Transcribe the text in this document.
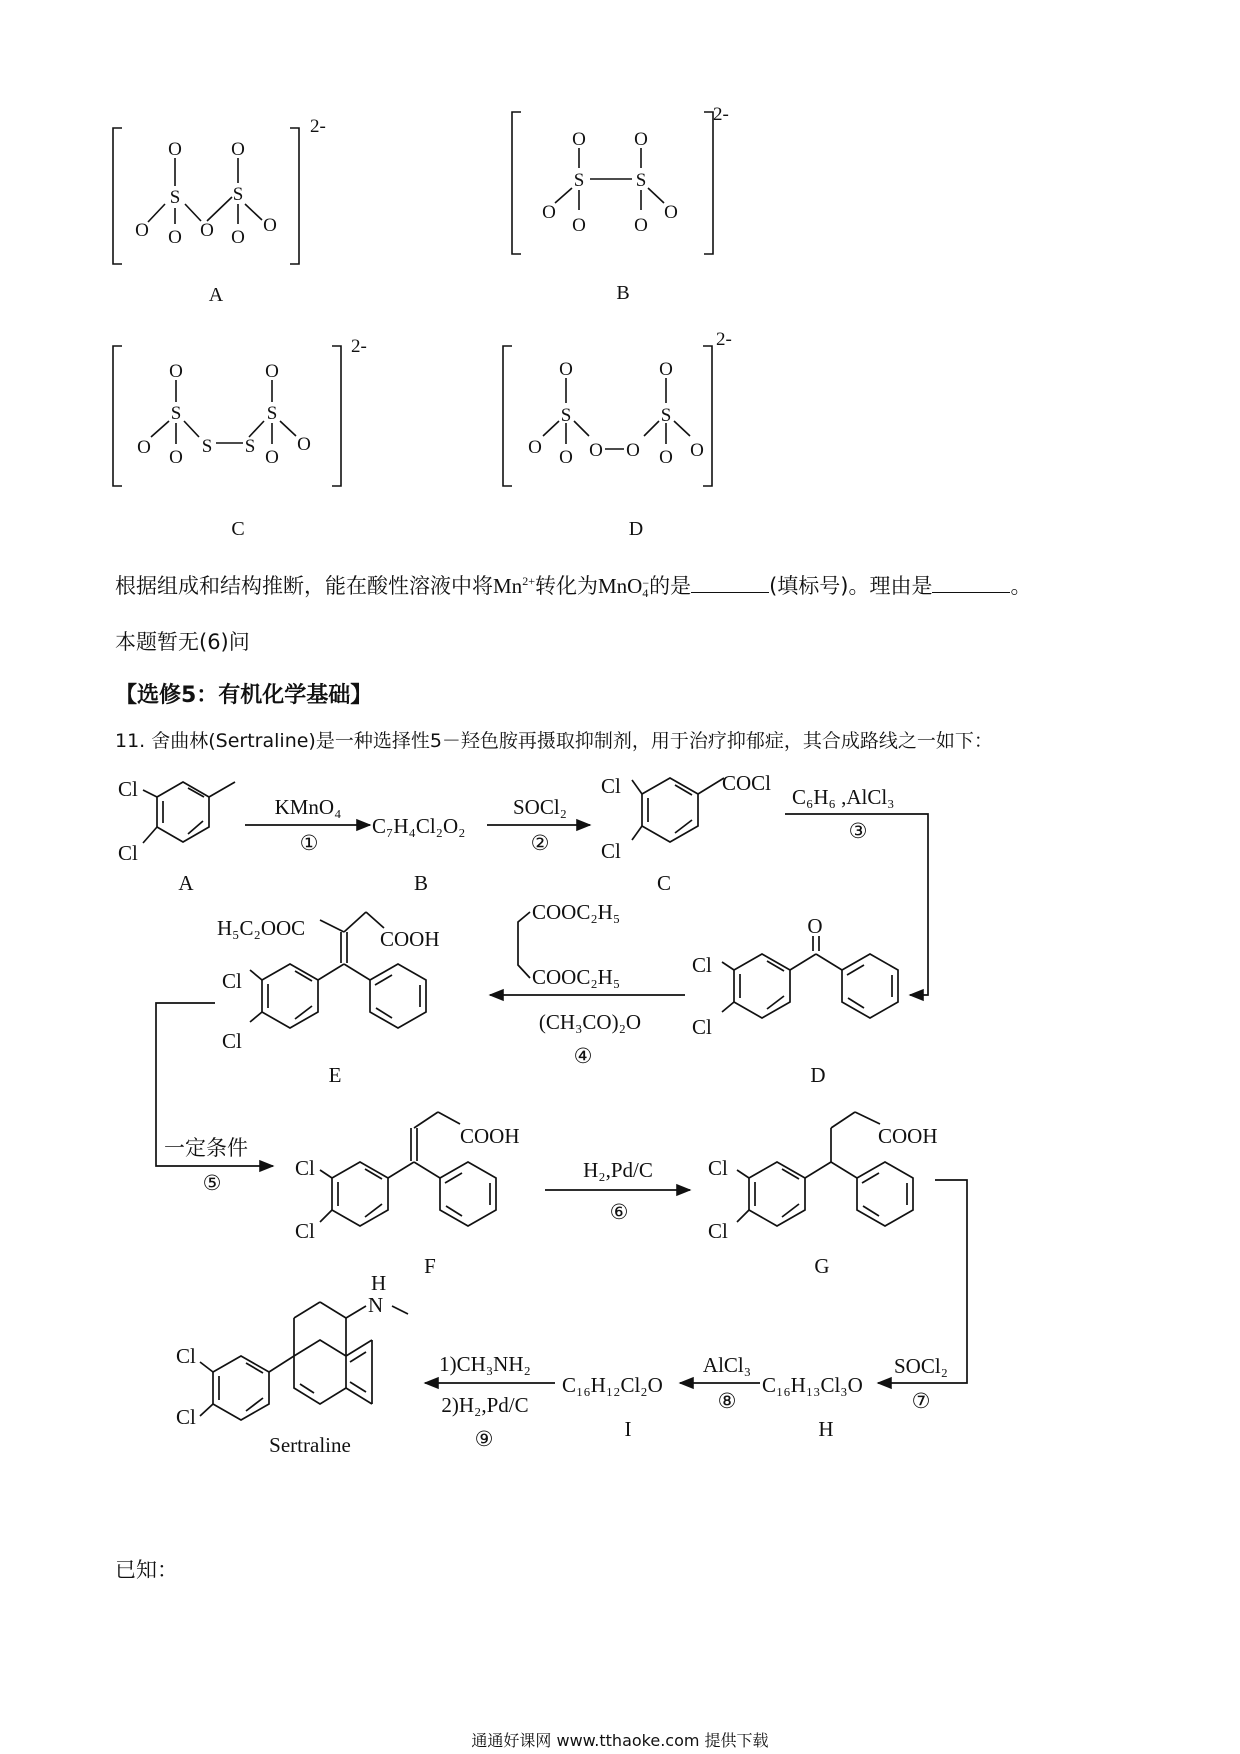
O
S
O O O
O
S
O
O
2-
A
O	O
S	S
O
O	O
O
2-
B
O
S
O O
S S
O
S
O
O
2-
C
O
S
O O O O
O
S
O O
2-
D
Cl
Cl
A
KMnO₄
①
C₇H₄Cl₂O₂
B
SOCl₂
②
Cl
Cl
COCl
C
C₆H₆ ,AlCl₃
③
O
Cl
Cl
D
COOC₂H₅
COOC₂H₅
(CH₃CO)₂O
④
H₅C₂OOC	COOH
Cl
Cl
E
一定条件
⑤
COOH
Cl
Cl
F
H₂,Pd/C
⑥
COOH
Cl
Cl
G
SOCl₂
⑦
C₁₆H₁₃Cl₃O
H
AlCl₃
⑧
C₁₆H₁₂Cl₂O
I
1)CH₃NH₂
2)H₂,Pd/C
⑨
H
N
Cl
Cl
Sertraline
根据组成和结构推断，能在酸性溶液中将$Mn^{2+}$转化为MnO −
4 的是	(填标号)。理由是	。
本题暂无(6)问
【选修5：有机化学基础】
11. 舍曲林(Sertraline)是一种选择性5－羟色胺再摄取抑制剂，用于治疗抑郁症，其合成路线之一如下：
已知：
通通好课网 www.tthaoke.com 提供下载
